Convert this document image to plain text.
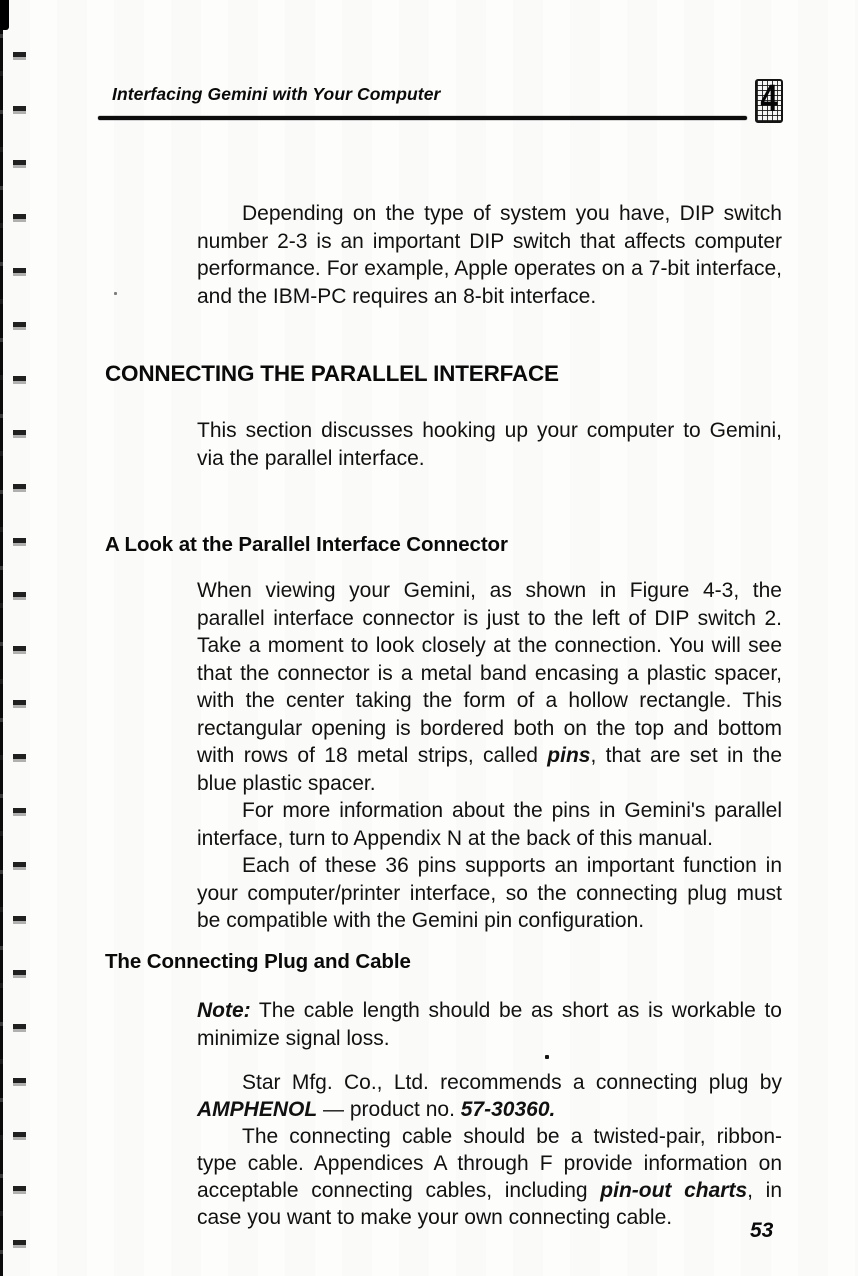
Interfacing Gemini with Your Computer	4

Depending on the type of system you have, DIP switch number 2-3 is an important DIP switch that affects computer performance. For example, Apple operates on a 7-bit interface, and the IBM-PC requires an 8-bit interface.

CONNECTING THE PARALLEL INTERFACE

This section discusses hooking up your computer to Gemini, via the parallel interface.

A Look at the Parallel Interface Connector

When viewing your Gemini, as shown in Figure 4-3, the parallel interface connector is just to the left of DIP switch 2. Take a moment to look closely at the connection. You will see that the connector is a metal band encasing a plastic spacer, with the center taking the form of a hollow rectangle. This rectangular opening is bordered both on the top and bottom with rows of 18 metal strips, called pins, that are set in the blue plastic spacer.

For more information about the pins in Gemini's parallel interface, turn to Appendix N at the back of this manual.

Each of these 36 pins supports an important function in your computer/printer interface, so the connecting plug must be compatible with the Gemini pin configuration.

The Connecting Plug and Cable

Note: The cable length should be as short as is workable to minimize signal loss.

Star Mfg. Co., Ltd. recommends a connecting plug by AMPHENOL — product no. 57-30360.

The connecting cable should be a twisted-pair, ribbon-type cable. Appendices A through F provide information on acceptable connecting cables, including pin-out charts, in case you want to make your own connecting cable.

53
